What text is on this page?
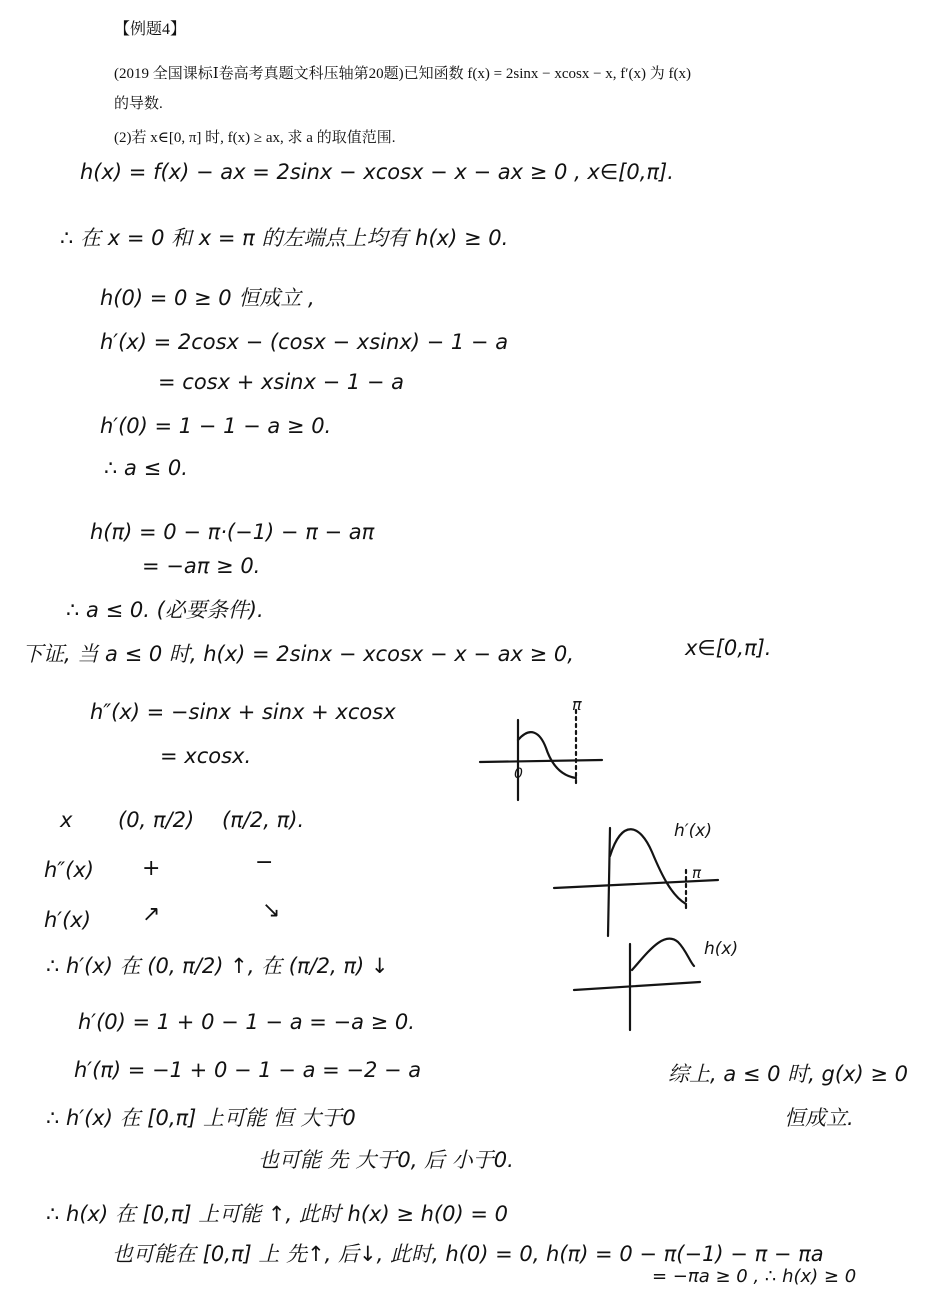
【例题4】
(2019 全国课标Ⅰ卷高考真题文科压轴第20题)已知函数 f(x) = 2sinx − xcosx − x, f′(x) 为 f(x)
的导数.
(2)若 x∈[0, π] 时, f(x) ≥ ax, 求 a 的取值范围.
h(x) = f(x) − ax = 2sinx − xcosx − x − ax ≥ 0 , x∈[0,π].
∴ 在 x = 0 和 x = π 的左端点上均有 h(x) ≥ 0.
h(0) = 0 ≥ 0 恒成立 ,
h′(x) = 2cosx − (cosx − xsinx) − 1 − a
= cosx + xsinx − 1 − a
h′(0) = 1 − 1 − a ≥ 0.
∴ a ≤ 0.
h(π) = 0 − π·(−1) − π − aπ
= −aπ ≥ 0.
∴ a ≤ 0. (必要条件).
下证, 当 a ≤ 0 时, h(x) = 2sinx − xcosx − x − ax ≥ 0,	x∈[0,π].
h″(x) = −sinx + sinx + xcosx
= xcosx.
x (0, π/2) (π/2, π).
h″(x) +	−
h′(x) ↗	↘
∴ h′(x) 在 (0, π/2) ↑, 在 (π/2, π) ↓
h′(0) = 1 + 0 − 1 − a = −a ≥ 0.
h′(π) = −1 + 0 − 1 − a = −2 − a
∴ h′(x) 在 [0,π] 上可能 恒 大于0
也可能 先 大于0, 后 小于0.
∴ h(x) 在 [0,π] 上可能 ↑, 此时 h(x) ≥ h(0) = 0
也可能在 [0,π] 上 先↑, 后↓, 此时, h(0) = 0, h(π) = 0 − π(−1) − π − πa
= −πa ≥ 0 , ∴ h(x) ≥ 0
综上, a ≤ 0 时, g(x) ≥ 0
恒成立.
π
0
π
h′(x)
h(x)
